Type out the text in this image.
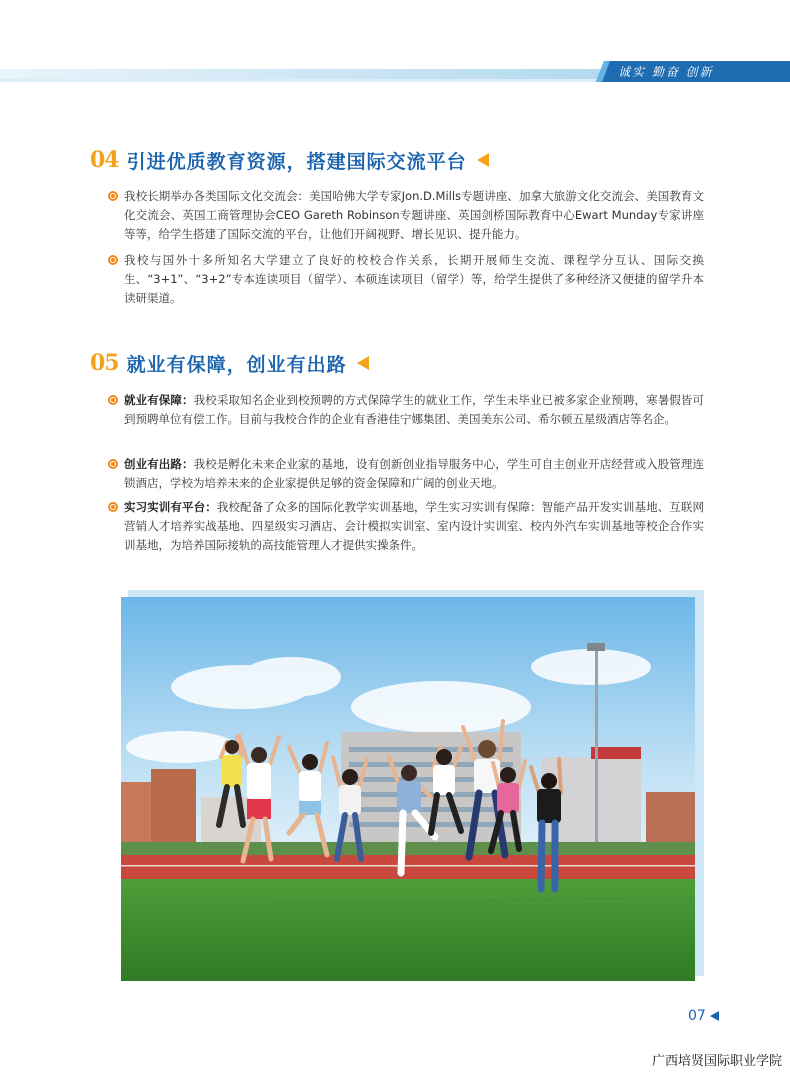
诚实 勤奋 创新
04 引进优质教育资源，搭建国际交流平台
我校长期举办各类国际文化交流会：美国哈佛大学专家Jon.D.Mills专题讲座、加拿大旅游文化交流会、美国教育文化交流会、英国工商管理协会CEO Gareth Robinson专题讲座、英国剑桥国际教育中心Ewart Munday专家讲座等等，给学生搭建了国际交流的平台，让他们开阔视野、增长见识、提升能力。
我校与国外十多所知名大学建立了良好的校校合作关系，长期开展师生交流、课程学分互认、国际交换生、“3+1”、“3+2”专本连读项目（留学）、本硕连读项目（留学）等，给学生提供了多种经济又便捷的留学升本读研渠道。
05 就业有保障，创业有出路
就业有保障：我校采取知名企业到校预聘的方式保障学生的就业工作，学生未毕业已被多家企业预聘，寒暑假皆可到预聘单位有偿工作。目前与我校合作的企业有香港佳宁娜集团、美国美东公司、希尔顿五星级酒店等名企。
创业有出路：我校是孵化未来企业家的基地，设有创新创业指导服务中心，学生可自主创业开店经营或入股管理连锁酒店，学校为培养未来的企业家提供足够的资金保障和广阔的创业天地。
实习实训有平台：我校配备了众多的国际化教学实训基地，学生实习实训有保障：智能产品开发实训基地、互联网营销人才培养实战基地、四星级实习酒店、会计模拟实训室、室内设计实训室、校内外汽车实训基地等校企合作实训基地，为培养国际接轨的高技能管理人才提供实操条件。
07
广西培贤国际职业学院
